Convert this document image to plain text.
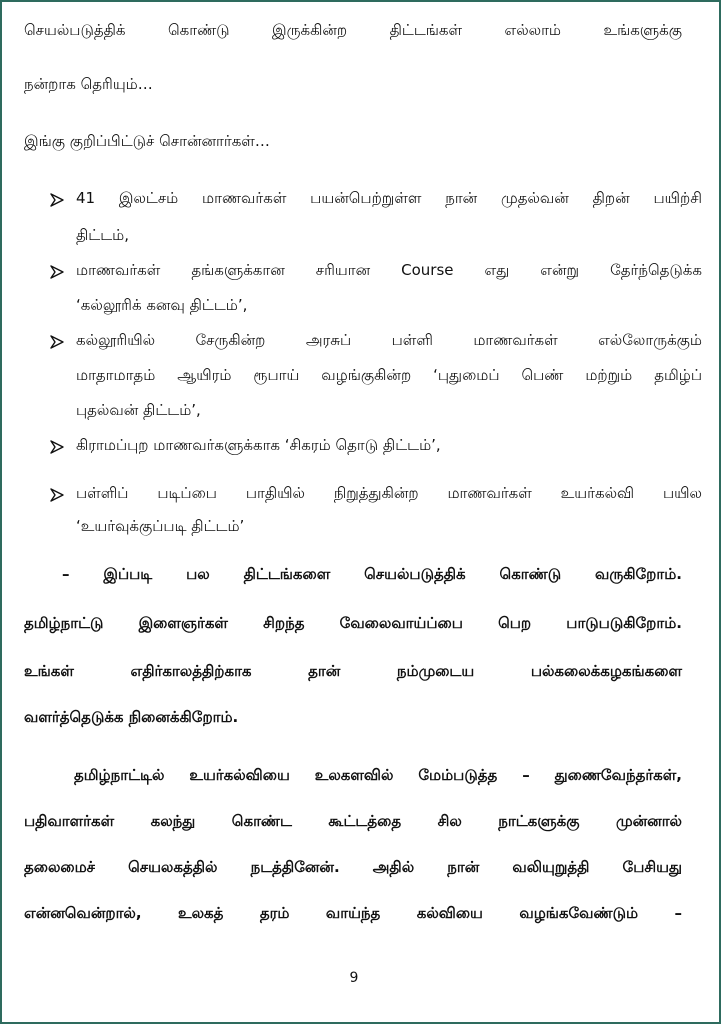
செயல்படுத்திக் கொண்டு இருக்கின்ற திட்டங்கள் எல்லாம் உங்களுக்கு
நன்றாக தெரியும்…
இங்கு குறிப்பிட்டுச் சொன்னார்கள்…
41 இலட்சம் மாணவர்கள் பயன்பெற்றுள்ள நான் முதல்வன் திறன் பயிற்சி
திட்டம்,
மாணவர்கள் தங்களுக்கான சரியான Course எது என்று தேர்ந்தெடுக்க
‘கல்லூரிக் கனவு திட்டம்’,
கல்லூரியில் சேருகின்ற அரசுப் பள்ளி மாணவர்கள் எல்லோருக்கும்
மாதாமாதம் ஆயிரம் ரூபாய் வழங்குகின்ற ‘புதுமைப் பெண் மற்றும் தமிழ்ப்
புதல்வன் திட்டம்’,
கிராமப்புற மாணவர்களுக்காக ‘சிகரம் தொடு திட்டம்’,
பள்ளிப் படிப்பை பாதியில் நிறுத்துகின்ற மாணவர்கள் உயர்கல்வி பயில
‘உயர்வுக்குப்படி திட்டம்’
– இப்படி பல திட்டங்களை செயல்படுத்திக் கொண்டு வருகிறோம்.
தமிழ்நாட்டு இளைஞர்கள் சிறந்த வேலைவாய்ப்பை பெற பாடுபடுகிறோம்.
உங்கள் எதிர்காலத்திற்காக தான் நம்முடைய பல்கலைக்கழகங்களை
வளர்த்தெடுக்க நினைக்கிறோம்.
தமிழ்நாட்டில் உயர்கல்வியை உலகளவில் மேம்படுத்த – துணைவேந்தர்கள்,
பதிவாளர்கள் கலந்து கொண்ட கூட்டத்தை சில நாட்களுக்கு முன்னால்
தலைமைச் செயலகத்தில் நடத்தினேன். அதில் நான் வலியுறுத்தி பேசியது
என்னவென்றால், உலகத் தரம் வாய்ந்த கல்வியை வழங்கவேண்டும் –
9
